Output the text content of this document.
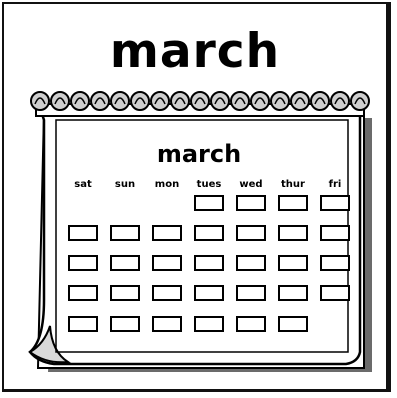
march
march
sat sun mon tues wed thur fri
